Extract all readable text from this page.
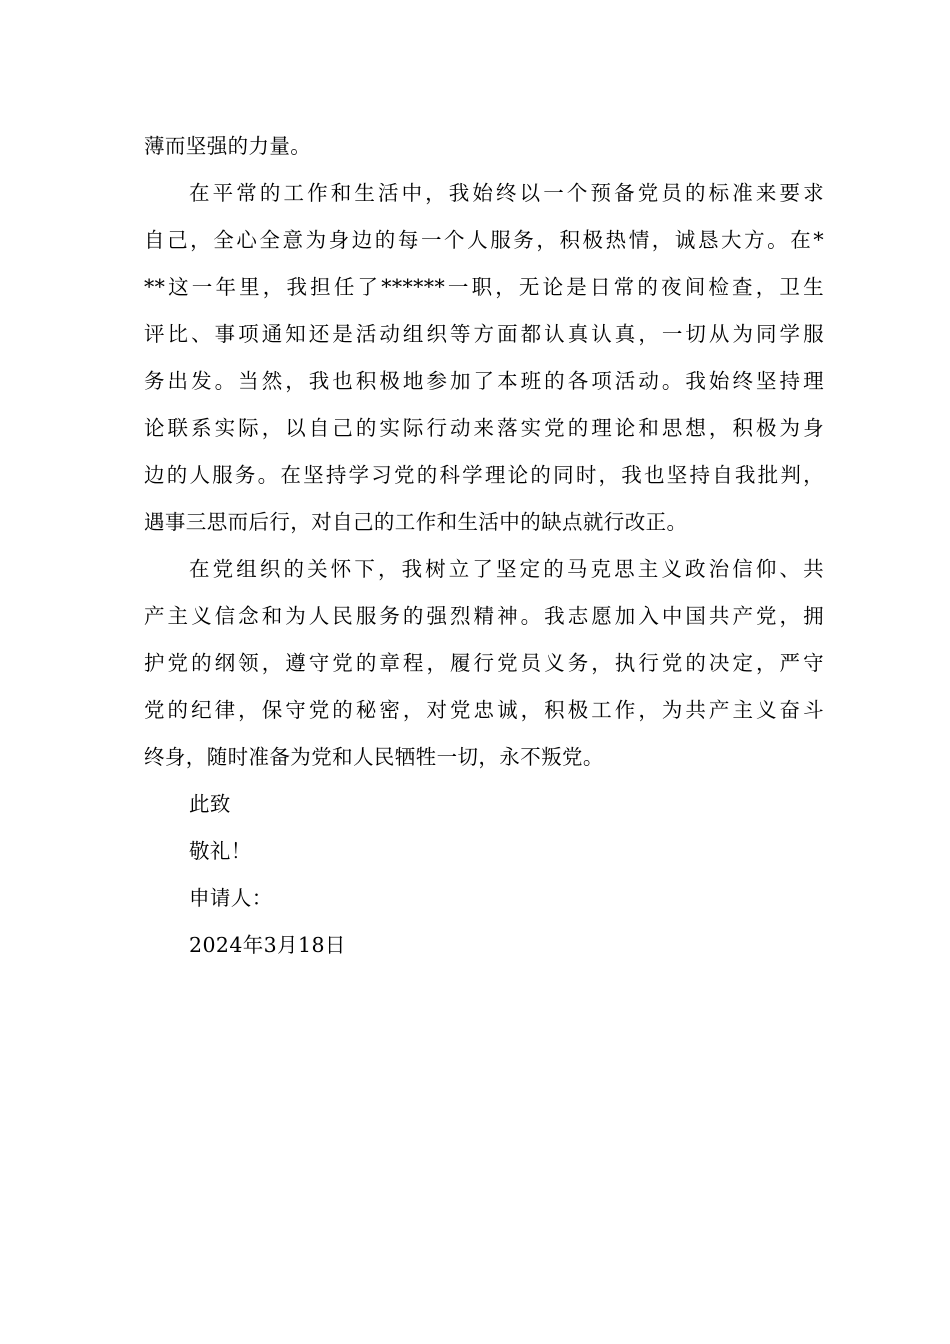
薄而坚强的力量。
在平常的工作和生活中，我始终以一个预备党员的标准来要求
自己，全心全意为身边的每一个人服务，积极热情，诚恳大方。在*
**这一年里，我担任了******一职，无论是日常的夜间检查，卫生
评比、事项通知还是活动组织等方面都认真认真，一切从为同学服
务出发。当然，我也积极地参加了本班的各项活动。我始终坚持理
论联系实际，以自己的实际行动来落实党的理论和思想，积极为身
边的人服务。在坚持学习党的科学理论的同时，我也坚持自我批判，
遇事三思而后行，对自己的工作和生活中的缺点就行改正。
在党组织的关怀下，我树立了坚定的马克思主义政治信仰、共
产主义信念和为人民服务的强烈精神。我志愿加入中国共产党，拥
护党的纲领，遵守党的章程，履行党员义务，执行党的决定，严守
党的纪律，保守党的秘密，对党忠诚，积极工作，为共产主义奋斗
终身，随时准备为党和人民牺牲一切，永不叛党。
此致
敬礼！
申请人：
2024年3月18日
